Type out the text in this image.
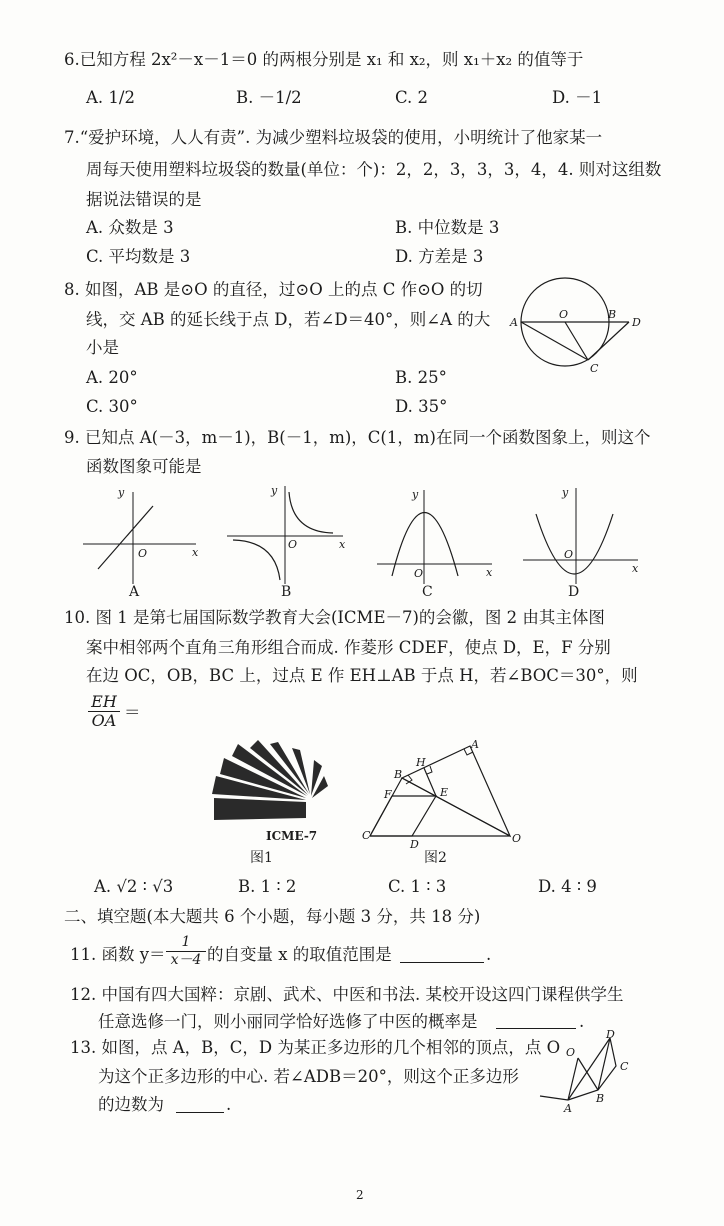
6.已知方程 2x²－x－1＝0 的两根分别是 x₁ 和 x₂，则 x₁＋x₂ 的值等于
A. 1/2	B. －1/2	C. 2	D. －1
7.“爱护环境，人人有责”. 为减少塑料垃圾袋的使用，小明统计了他家某一
周每天使用塑料垃圾袋的数量(单位：个)：2，2，3，3，3，4，4. 则对这组数
据说法错误的是
A. 众数是 3	B. 中位数是 3
C. 平均数是 3	D. 方差是 3
8. 如图，AB 是⊙O 的直径，过⊙O 上的点 C 作⊙O 的切
线，交 AB 的延长线于点 D，若∠D＝40°，则∠A 的大
小是
A. 20°	B. 25°
C. 30°	D. 35°
A
O	B
D
C
9. 已知点 A(－3，m－1)，B(－1，m)，C(1，m)在同一个函数图象上，则这个
函数图象可能是
y
x
O
A
y
x
O
B
y
x
O
C
y
x
O
D
10. 图 1 是第七届国际数学教育大会(ICME－7)的会徽，图 2 由其主体图
案中相邻两个直角三角形组合而成. 作菱形 CDEF，使点 D，E，F 分别
在边 OC，OB，BC 上，过点 E 作 EH⊥AB 于点 H，若∠BOC＝30°，则
$\frac{EH}{OA}$ ＝
ICME-7
图1
H
A
B
F	E
C
D	O
图2
A. √2 ∶ √3	B. 1 ∶ 2	C. 1 ∶ 3	D. 4 ∶ 9
二、填空题(本大题共 6 个小题，每小题 3 分，共 18 分)
11. 函数 $y= \frac{1}{x-4}$ 的自变量 x 的取值范围是	.
12. 中国有四大国粹：京剧、武术、中医和书法. 某校开设这四门课程供学生
任意选修一门，则小丽同学恰好选修了中医的概率是	.
13. 如图，点 A，B，C，D 为某正多边形的几个相邻的顶点，点 O
为这个正多边形的中心. 若∠ADB＝20°，则这个正多边形
的边数为	.
O
D
C
B
A
2
